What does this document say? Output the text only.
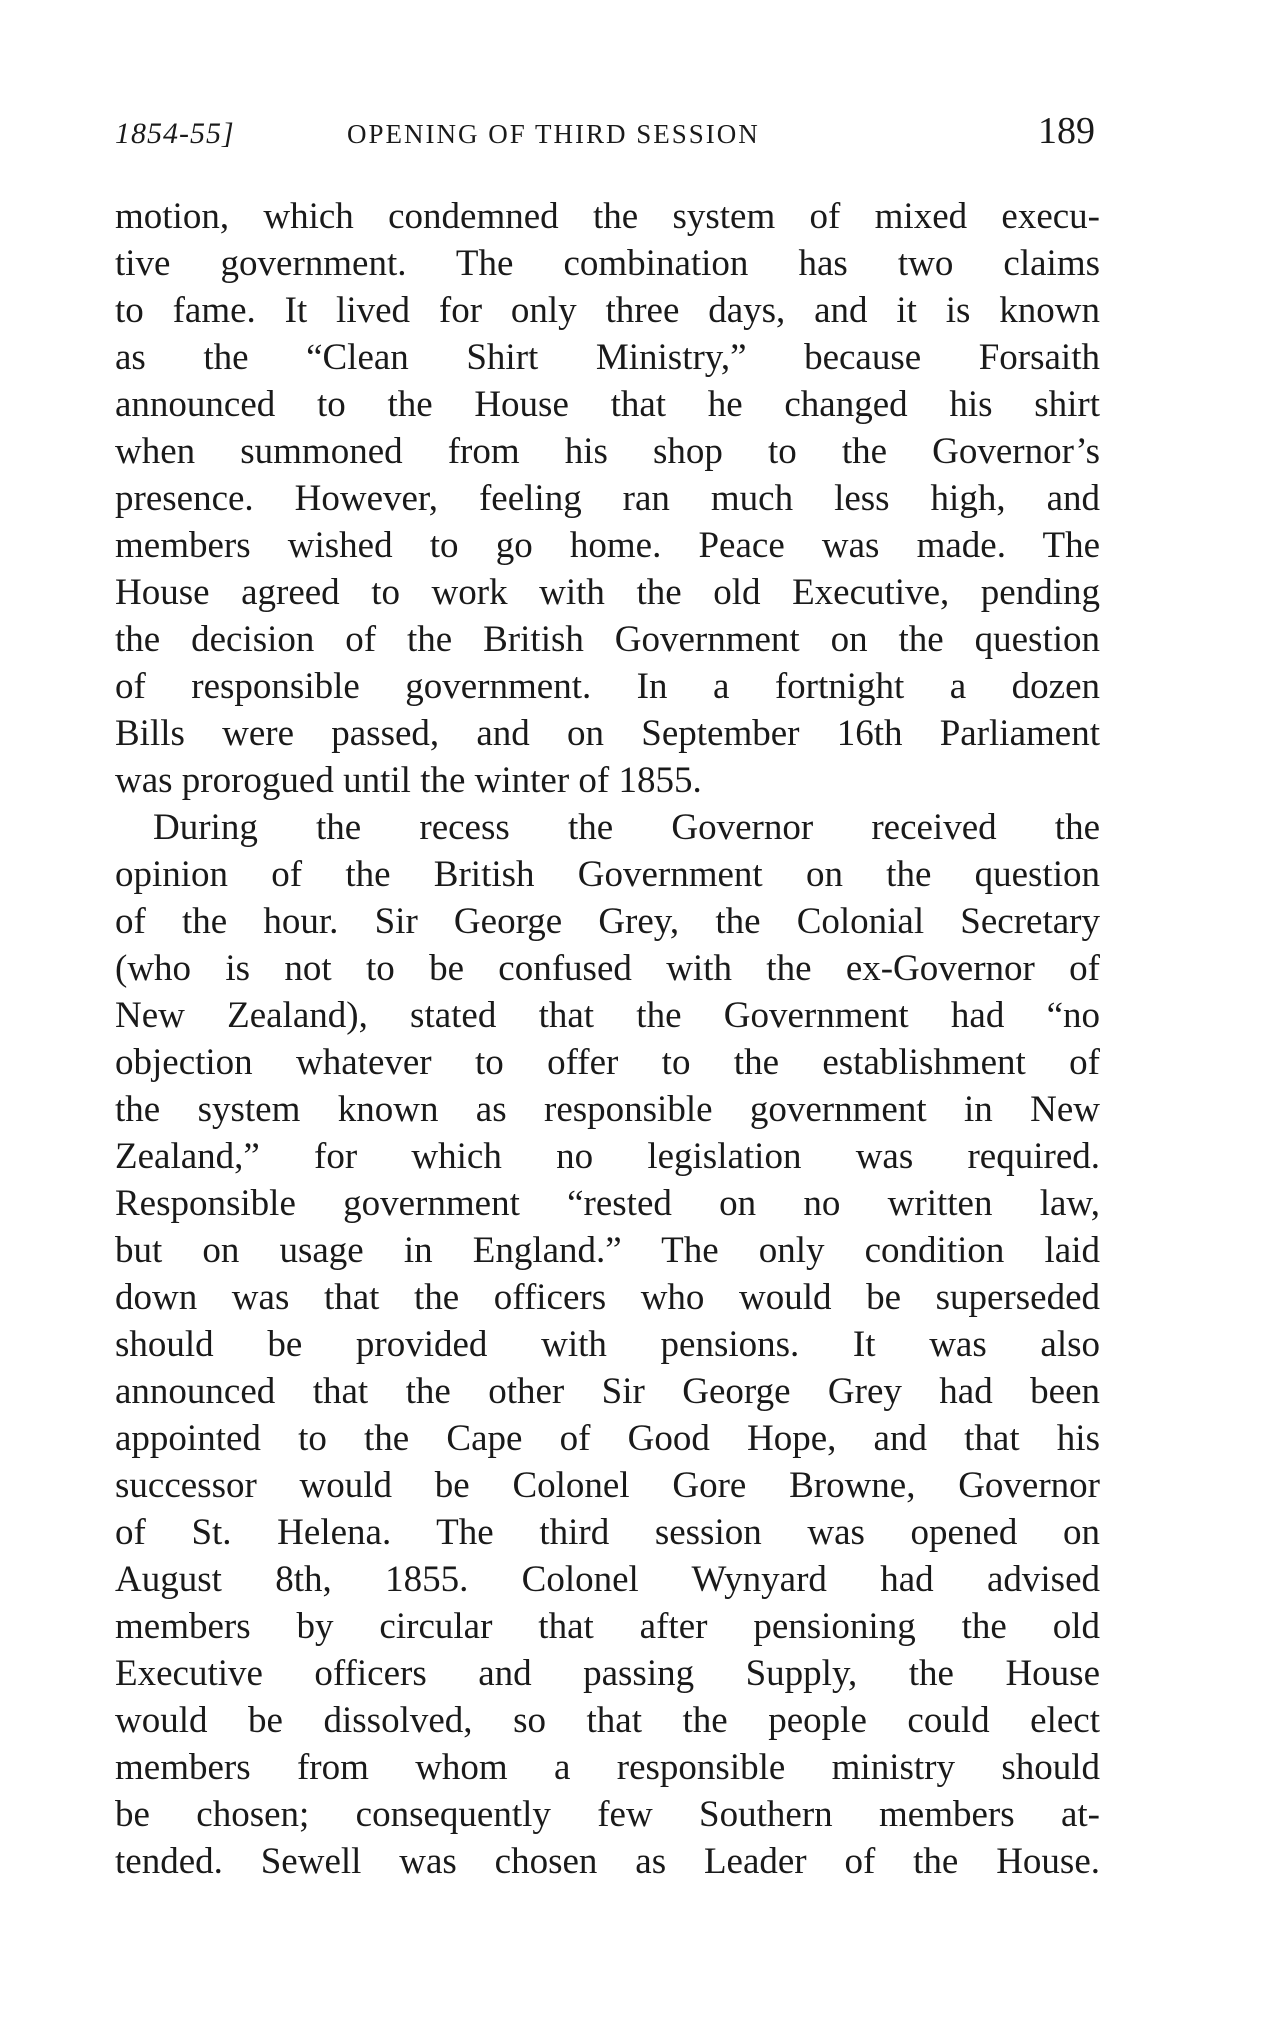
1854-55]	OPENING OF THIRD SESSION	189
motion, which condemned the system of mixed execu-
tive government. The combination has two claims
to fame. It lived for only three days, and it is known
as the “Clean Shirt Ministry,” because Forsaith
announced to the House that he changed his shirt
when summoned from his shop to the Governor’s
presence. However, feeling ran much less high, and
members wished to go home. Peace was made. The
House agreed to work with the old Executive, pending
the decision of the British Government on the question
of responsible government. In a fortnight a dozen
Bills were passed, and on September 16th Parliament
was prorogued until the winter of 1855.
During the recess the Governor received the
opinion of the British Government on the question
of the hour. Sir George Grey, the Colonial Secretary
(who is not to be confused with the ex-Governor of
New Zealand), stated that the Government had “no
objection whatever to offer to the establishment of
the system known as responsible government in New
Zealand,” for which no legislation was required.
Responsible government “rested on no written law,
but on usage in England.” The only condition laid
down was that the officers who would be superseded
should be provided with pensions. It was also
announced that the other Sir George Grey had been
appointed to the Cape of Good Hope, and that his
successor would be Colonel Gore Browne, Governor
of St. Helena. The third session was opened on
August 8th, 1855. Colonel Wynyard had advised
members by circular that after pensioning the old
Executive officers and passing Supply, the House
would be dissolved, so that the people could elect
members from whom a responsible ministry should
be chosen; consequently few Southern members at-
tended. Sewell was chosen as Leader of the House.
